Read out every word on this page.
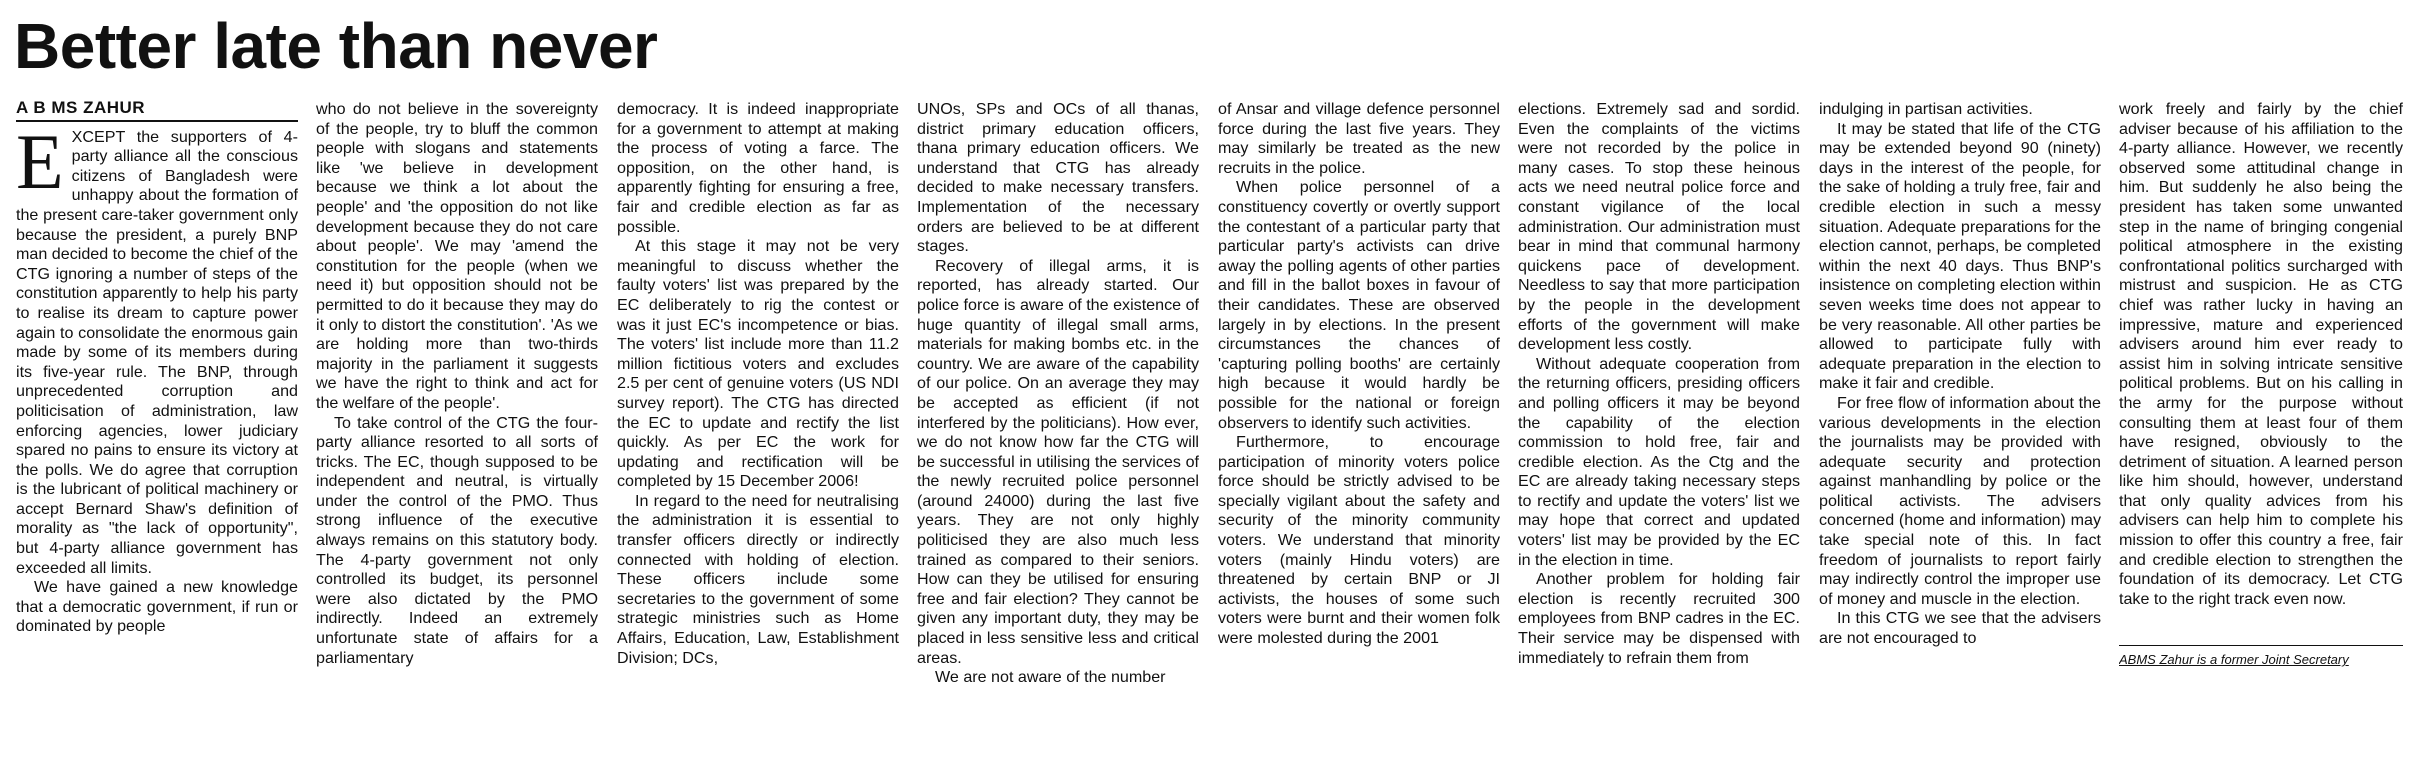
Better late than never
A B MS ZAHUR
E XCEPT the supporters of 4-party alliance all the conscious citizens of Bangladesh were unhappy about the formation of the present care-taker government only because the president, a purely BNP man decided to become the chief of the CTG ignoring a number of steps of the constitution apparently to help his party to realise its dream to capture power again to consolidate the enormous gain made by some of its members during its five-year rule. The BNP, through unprecedented corruption and politicisation of administration, law enforcing agencies, lower judiciary spared no pains to ensure its victory at the polls. We do agree that corruption is the lubricant of political machinery or accept Bernard Shaw's definition of morality as "the lack of opportunity", but 4-party alliance government has exceeded all limits.

We have gained a new knowledge that a democratic government, if run or dominated by people

who do not believe in the sovereignty of the people, try to bluff the common people with slogans and statements like 'we believe in development because we think a lot about the people' and 'the opposition do not like development because they do not care about people'. We may 'amend the constitution for the people (when we need it) but opposition should not be permitted to do it because they may do it only to distort the constitution'. 'As we are holding more than two-thirds majority in the parliament it suggests we have the right to think and act for the welfare of the people'.

To take control of the CTG the four-party alliance resorted to all sorts of tricks. The EC, though supposed to be independent and neutral, is virtually under the control of the PMO. Thus strong influence of the executive always remains on this statutory body. The 4-party government not only controlled its budget, its personnel were also dictated by the PMO indirectly. Indeed an extremely unfortunate state of affairs for a parliamentary

democracy. It is indeed inappropriate for a government to attempt at making the process of voting a farce. The opposition, on the other hand, is apparently fighting for ensuring a free, fair and credible election as far as possible.

At this stage it may not be very meaningful to discuss whether the faulty voters' list was prepared by the EC deliberately to rig the contest or was it just EC's incompetence or bias. The voters' list include more than 11.2 million fictitious voters and excludes 2.5 per cent of genuine voters (US NDI survey report). The CTG has directed the EC to update and rectify the list quickly. As per EC the work for updating and rectification will be completed by 15 December 2006!

In regard to the need for neutralising the administration it is essential to transfer officers directly or indirectly connected with holding of election. These officers include some secretaries to the government of some strategic ministries such as Home Affairs, Education, Law, Establishment Division; DCs,

UNOs, SPs and OCs of all thanas, district primary education officers, thana primary education officers. We understand that CTG has already decided to make necessary transfers. Implementation of the necessary orders are believed to be at different stages.

Recovery of illegal arms, it is reported, has already started. Our police force is aware of the existence of huge quantity of illegal small arms, materials for making bombs etc. in the country. We are aware of the capability of our police. On an average they may be accepted as efficient (if not interfered by the politicians). How ever, we do not know how far the CTG will be successful in utilising the services of the newly recruited police personnel (around 24000) during the last five years. They are not only highly politicised they are also much less trained as compared to their seniors. How can they be utilised for ensuring free and fair election? They cannot be given any important duty, they may be placed in less sensitive less and critical areas.

We are not aware of the number

of Ansar and village defence personnel force during the last five years. They may similarly be treated as the new recruits in the police.

When police personnel of a constituency covertly or overtly support the contestant of a particular party that particular party's activists can drive away the polling agents of other parties and fill in the ballot boxes in favour of their candidates. These are observed largely in by elections. In the present circumstances the chances of 'capturing polling booths' are certainly high because it would hardly be possible for the national or foreign observers to identify such activities.

Furthermore, to encourage participation of minority voters police force should be strictly advised to be specially vigilant about the safety and security of the minority community voters. We understand that minority voters (mainly Hindu voters) are threatened by certain BNP or JI activists, the houses of some such voters were burnt and their women folk were molested during the 2001

elections. Extremely sad and sordid. Even the complaints of the victims were not recorded by the police in many cases. To stop these heinous acts we need neutral police force and constant vigilance of the local administration. Our administration must bear in mind that communal harmony quickens pace of development. Needless to say that more participation by the people in the development efforts of the government will make development less costly.

Without adequate cooperation from the returning officers, presiding officers and polling officers it may be beyond the capability of the election commission to hold free, fair and credible election. As the Ctg and the EC are already taking necessary steps to rectify and update the voters' list we may hope that correct and updated voters' list may be provided by the EC in the election in time.

Another problem for holding fair election is recently recruited 300 employees from BNP cadres in the EC. Their service may be dispensed with immediately to refrain them from

indulging in partisan activities.

It may be stated that life of the CTG may be extended beyond 90 (ninety) days in the interest of the people, for the sake of holding a truly free, fair and credible election in such a messy situation. Adequate preparations for the election cannot, perhaps, be completed within the next 40 days. Thus BNP's insistence on completing election within seven weeks time does not appear to be very reasonable. All other parties be allowed to participate fully with adequate preparation in the election to make it fair and credible.

For free flow of information about the various developments in the election the journalists may be provided with adequate security and protection against manhandling by police or the political activists. The advisers concerned (home and information) may take special note of this. In fact freedom of journalists to report fairly may indirectly control the improper use of money and muscle in the election.

In this CTG we see that the advisers are not encouraged to

work freely and fairly by the chief adviser because of his affiliation to the 4-party alliance. However, we recently observed some attitudinal change in him. But suddenly he also being the president has taken some unwanted step in the name of bringing congenial political atmosphere in the existing confrontational politics surcharged with mistrust and suspicion. He as CTG chief was rather lucky in having an impressive, mature and experienced advisers around him ever ready to assist him in solving intricate sensitive political problems. But on his calling in the army for the purpose without consulting them at least four of them have resigned, obviously to the detriment of situation. A learned person like him should, however, understand that only quality advices from his advisers can help him to complete his mission to offer this country a free, fair and credible election to strengthen the foundation of its democracy. Let CTG take to the right track even now.

ABMS Zahur is a former Joint Secretary
